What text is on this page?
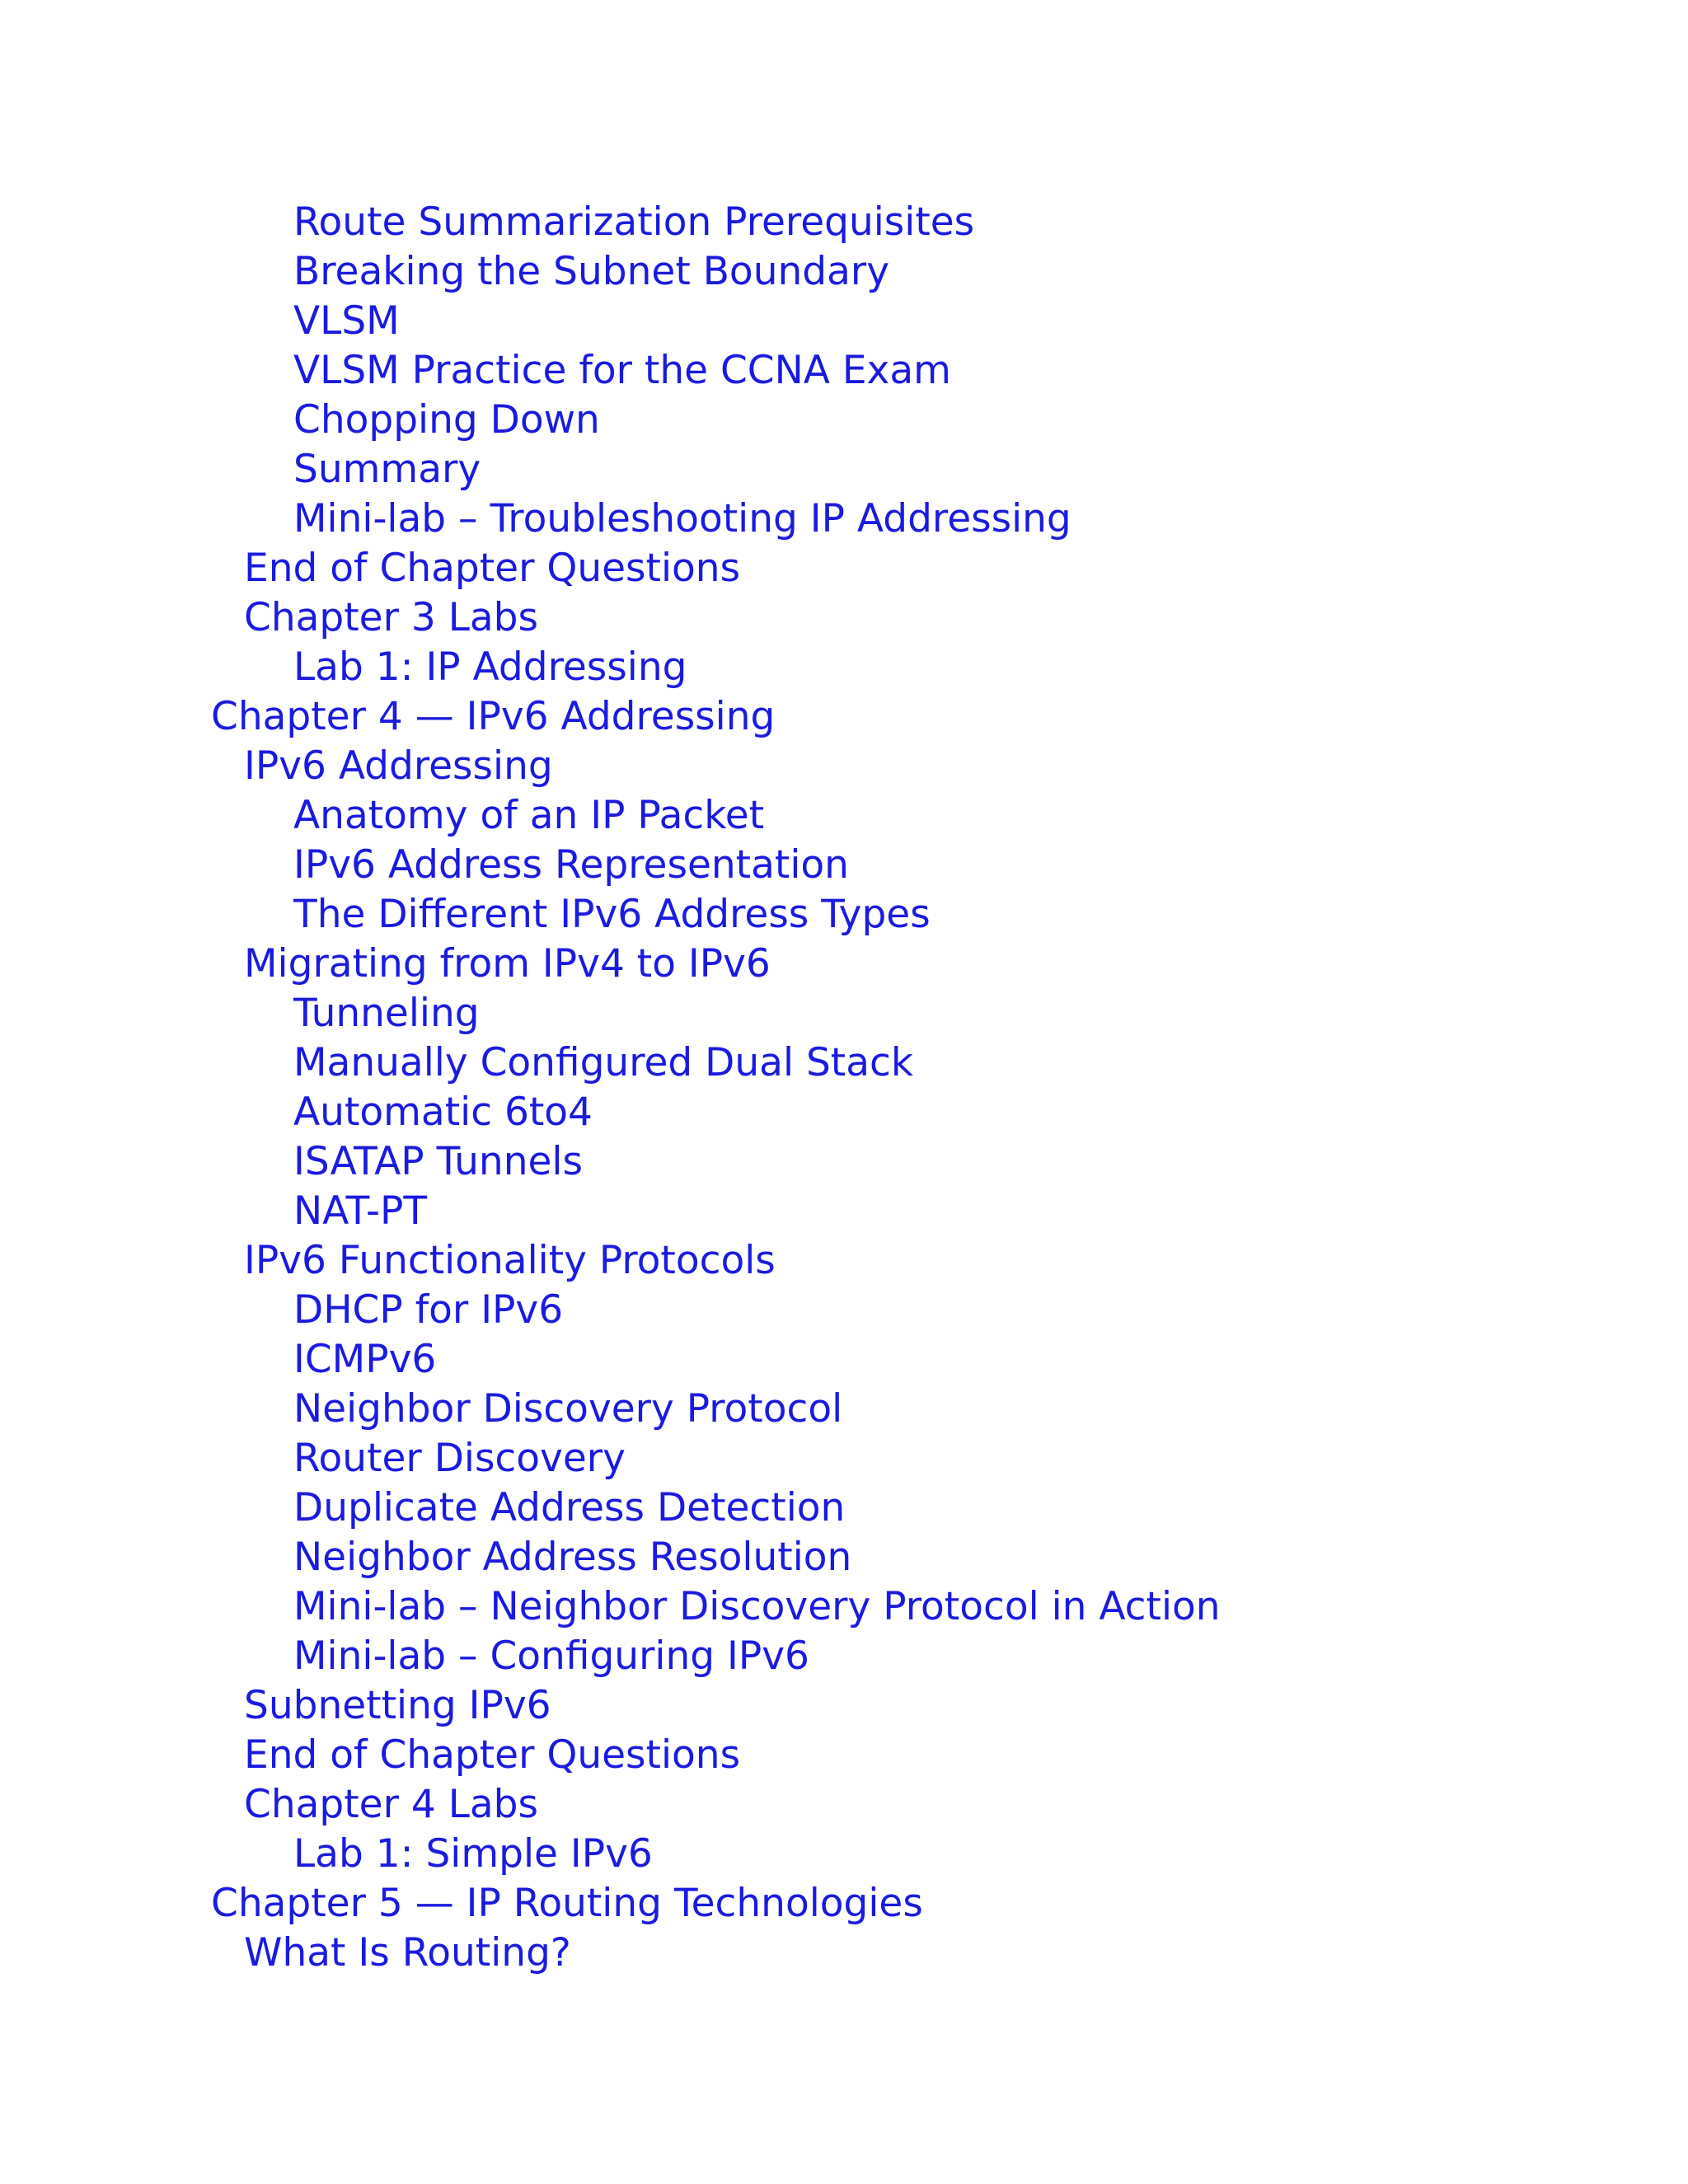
Route Summarization Prerequisites
Breaking the Subnet Boundary
VLSM
VLSM Practice for the CCNA Exam
Chopping Down
Summary
Mini-lab – Troubleshooting IP Addressing
End of Chapter Questions
Chapter 3 Labs
Lab 1: IP Addressing
Chapter 4 — IPv6 Addressing
IPv6 Addressing
Anatomy of an IP Packet
IPv6 Address Representation
The Different IPv6 Address Types
Migrating from IPv4 to IPv6
Tunneling
Manually Configured Dual Stack
Automatic 6to4
ISATAP Tunnels
NAT-PT
IPv6 Functionality Protocols
DHCP for IPv6
ICMPv6
Neighbor Discovery Protocol
Router Discovery
Duplicate Address Detection
Neighbor Address Resolution
Mini-lab – Neighbor Discovery Protocol in Action
Mini-lab – Configuring IPv6
Subnetting IPv6
End of Chapter Questions
Chapter 4 Labs
Lab 1: Simple IPv6
Chapter 5 — IP Routing Technologies
What Is Routing?
